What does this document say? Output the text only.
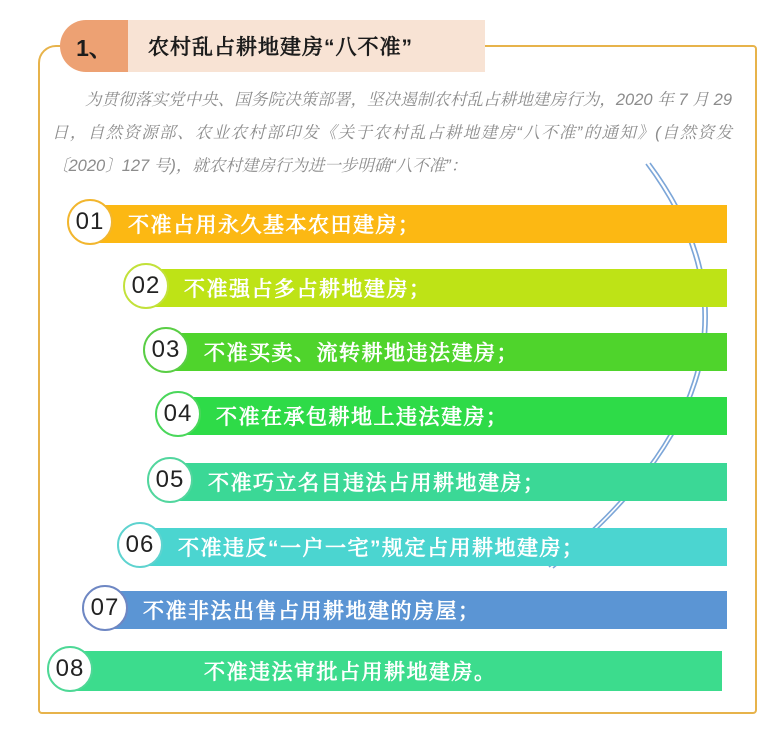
1、	农村乱占耕地建房“八不准”

为贯彻落实党中央、国务院决策部署，坚决遏制农村乱占耕地建房行为，2020 年 7 月 29 日，自然资源部、农业农村部印发《关于农村乱占耕地建房“八不准”的通知》(自然资发〔2020〕127 号)，就农村建房行为进一步明确“八不准”：

不准占用永久基本农田建房；
01
不准强占多占耕地建房；
02
不准买卖、流转耕地违法建房；
03
不准在承包耕地上违法建房；
04
不准巧立名目违法占用耕地建房；
05
不准违反“一户一宅”规定占用耕地建房；
06
不准非法出售占用耕地建的房屋；
07
不准违法审批占用耕地建房。
08
